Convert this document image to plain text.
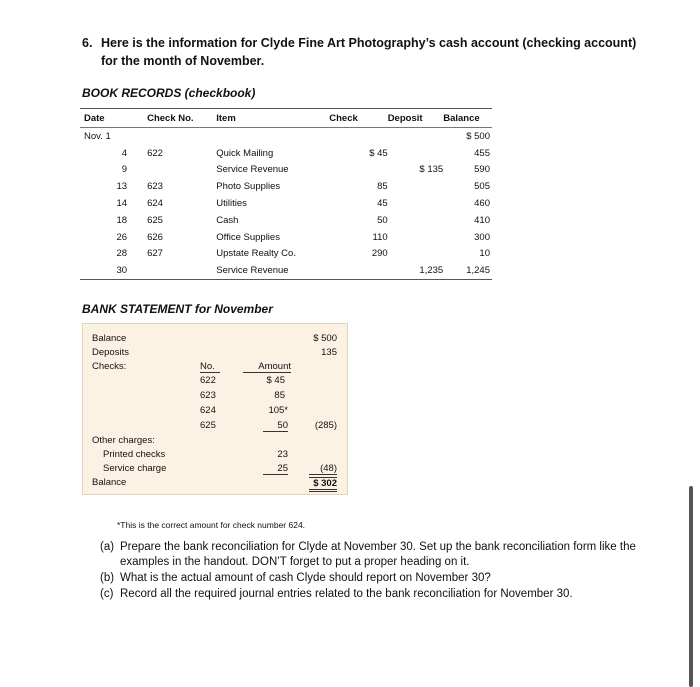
6. Here is the information for Clyde Fine Art Photography’s cash account (checking account) for the month of November.
BOOK RECORDS (checkbook)
Date	Check No.	Item	Check	Deposit	Balance
Nov. 1					$ 500
4	622	Quick Mailing	$ 45		455
9		Service Revenue		$ 135	590
13	623	Photo Supplies	85		505
14	624	Utilities	45		460
18	625	Cash	50		410
26	626	Office Supplies	110		300
28	627	Upstate Realty Co.	290		10
30		Service Revenue		1,235	1,245
BANK STATEMENT for November
Balance	$ 500
Deposits	135
Checks:	No.	Amount
622	$ 45
623	85
624	105*
625	50	(285)
Other charges:
Printed checks	23
Service charge	25	(48)
Balance	$ 302
*This is the correct amount for check number 624.
(a) Prepare the bank reconciliation for Clyde at November 30. Set up the bank reconciliation form like the examples in the handout. DON’T forget to put a proper heading on it.
(b) What is the actual amount of cash Clyde should report on November 30?
(c) Record all the required journal entries related to the bank reconciliation for November 30.
